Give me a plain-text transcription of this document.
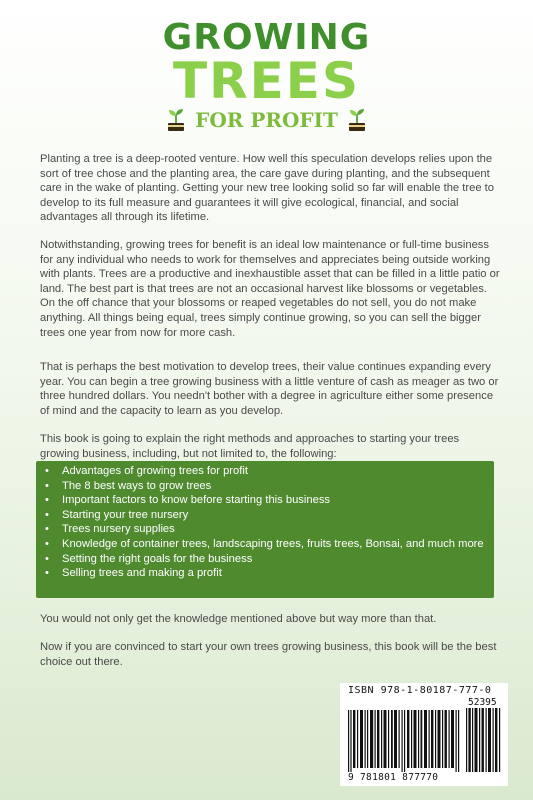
GROWING
TREES
FOR PROFIT
Planting a tree is a deep-rooted venture. How well this speculation develops relies upon the sort of tree chose and the planting area, the care gave during planting, and the subsequent care in the wake of planting. Getting your new tree looking solid so far will enable the tree to develop to its full measure and guarantees it will give ecological, financial, and social advantages all through its lifetime.
Notwithstanding, growing trees for benefit is an ideal low maintenance or full-time business for any individual who needs to work for themselves and appreciates being outside working with plants. Trees are a productive and inexhaustible asset that can be filled in a little patio or land. The best part is that trees are not an occasional harvest like blossoms or vegetables. On the off chance that your blossoms or reaped vegetables do not sell, you do not make anything. All things being equal, trees simply continue growing, so you can sell the bigger trees one year from now for more cash.
That is perhaps the best motivation to develop trees, their value continues expanding every year. You can begin a tree growing business with a little venture of cash as meager as two or three hundred dollars. You needn't bother with a degree in agriculture either some presence of mind and the capacity to learn as you develop.
This book is going to explain the right methods and approaches to starting your trees growing business, including, but not limited to, the following:
• Advantages of growing trees for profit
• The 8 best ways to grow trees
• Important factors to know before starting this business
• Starting your tree nursery
• Trees nursery supplies
• Knowledge of container trees, landscaping trees, fruits trees, Bonsai, and much more
• Setting the right goals for the business
• Selling trees and making a profit
You would not only get the knowledge mentioned above but way more than that.
Now if you are convinced to start your own trees growing business, this book will be the best choice out there.
ISBN 978-1-80187-777-0
52395
9 781801 877770
